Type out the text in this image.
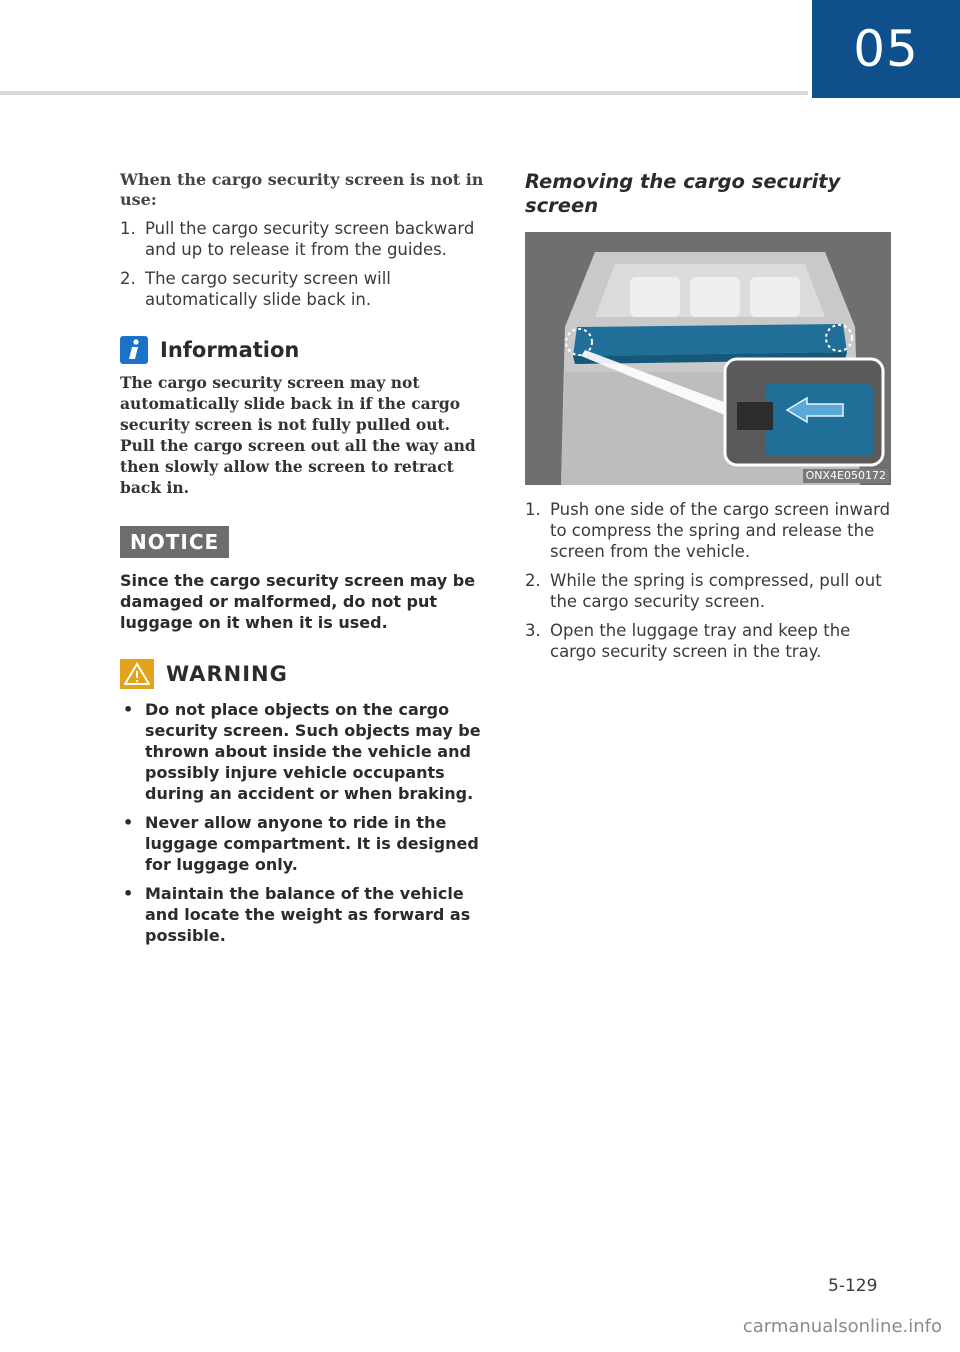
05

When the cargo security screen is not in use:

1. Pull the cargo security screen backward and up to release it from the guides.
2. The cargo security screen will automatically slide back in.
Information
The cargo security screen may not automatically slide back in if the cargo security screen is not fully pulled out. Pull the cargo screen out all the way and then slowly allow the screen to retract back in.
NOTICE
Since the cargo security screen may be damaged or malformed, do not put luggage on it when it is used.
WARNING
• Do not place objects on the cargo security screen. Such objects may be thrown about inside the vehicle and possibly injure vehicle occupants during an accident or when braking.
• Never allow anyone to ride in the luggage compartment. It is designed for luggage only.
• Maintain the balance of the vehicle and locate the weight as forward as possible.
Removing the cargo security screen
ONX4E050172
1. Push one side of the cargo screen inward to compress the spring and release the screen from the vehicle.
2. While the spring is compressed, pull out the cargo security screen.
3. Open the luggage tray and keep the cargo security screen in the tray.
5-129
carmanualsonline.info
